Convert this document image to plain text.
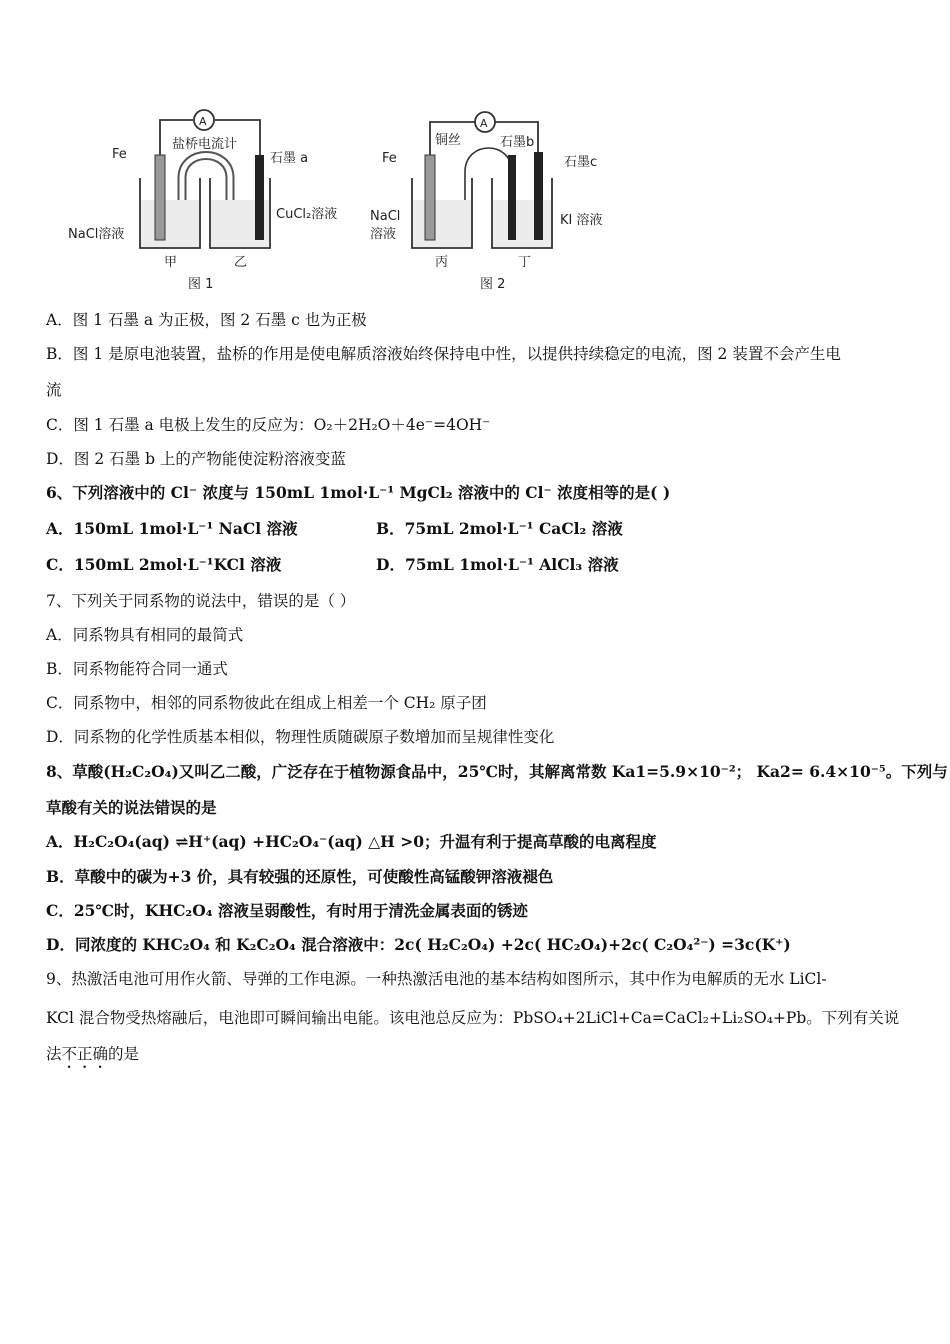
A
盐桥电流计
Fe	石墨 a
NaCl溶液
CuCl₂溶液
甲	乙
图 1
A
铜丝	石墨b
石墨c
Fe
NaCl
溶液
KI 溶液
丙	丁
图 2
A．图 1 石墨 a 为正极，图 2 石墨 c 也为正极
B．图 1 是原电池装置，盐桥的作用是使电解质溶液始终保持电中性，以提供持续稳定的电流，图 2 装置不会产生电
流
C．图 1 石墨 a 电极上发生的反应为：O₂＋2H₂O＋4e⁻=4OH⁻
D．图 2 石墨 b 上的产物能使淀粉溶液变蓝
6、下列溶液中的 Cl⁻ 浓度与 150mL 1mol·L⁻¹ MgCl₂ 溶液中的 Cl⁻ 浓度相等的是( )
A．150mL 1mol·L⁻¹ NaCl 溶液	B．75mL 2mol·L⁻¹ CaCl₂ 溶液
C．150mL 2mol·L⁻¹KCl 溶液	D．75mL 1mol·L⁻¹ AlCl₃ 溶液
7、下列关于同系物的说法中，错误的是（ ）
A．同系物具有相同的最简式
B．同系物能符合同一通式
C．同系物中，相邻的同系物彼此在组成上相差一个 CH₂ 原子团
D．同系物的化学性质基本相似，物理性质随碳原子数增加而呈规律性变化
8、草酸(H₂C₂O₄)又叫乙二酸，广泛存在于植物源食品中，25℃时，其解离常数 Ka1=5.9×10⁻²； Ka2= 6.4×10⁻⁵。下列与
草酸有关的说法错误的是
A．H₂C₂O₄(aq) ⇌H⁺(aq) +HC₂O₄⁻(aq) △H >0；升温有利于提高草酸的电离程度
B．草酸中的碳为+3 价，具有较强的还原性，可使酸性高锰酸钾溶液褪色
C．25℃时，KHC₂O₄ 溶液呈弱酸性，有时用于清洗金属表面的锈迹
D．同浓度的 KHC₂O₄ 和 K₂C₂O₄ 混合溶液中：2c( H₂C₂O₄) +2c( HC₂O₄)+2c( C₂O₄²⁻) =3c(K⁺)
9、热激活电池可用作火箭、导弹的工作电源。一种热激活电池的基本结构如图所示，其中作为电解质的无水 LiCl-
KCl 混合物受热熔融后，电池即可瞬间输出电能。该电池总反应为：PbSO₄+2LiCl+Ca=CaCl₂+Li₂SO₄+Pb。下列有关说
法不正确的是
